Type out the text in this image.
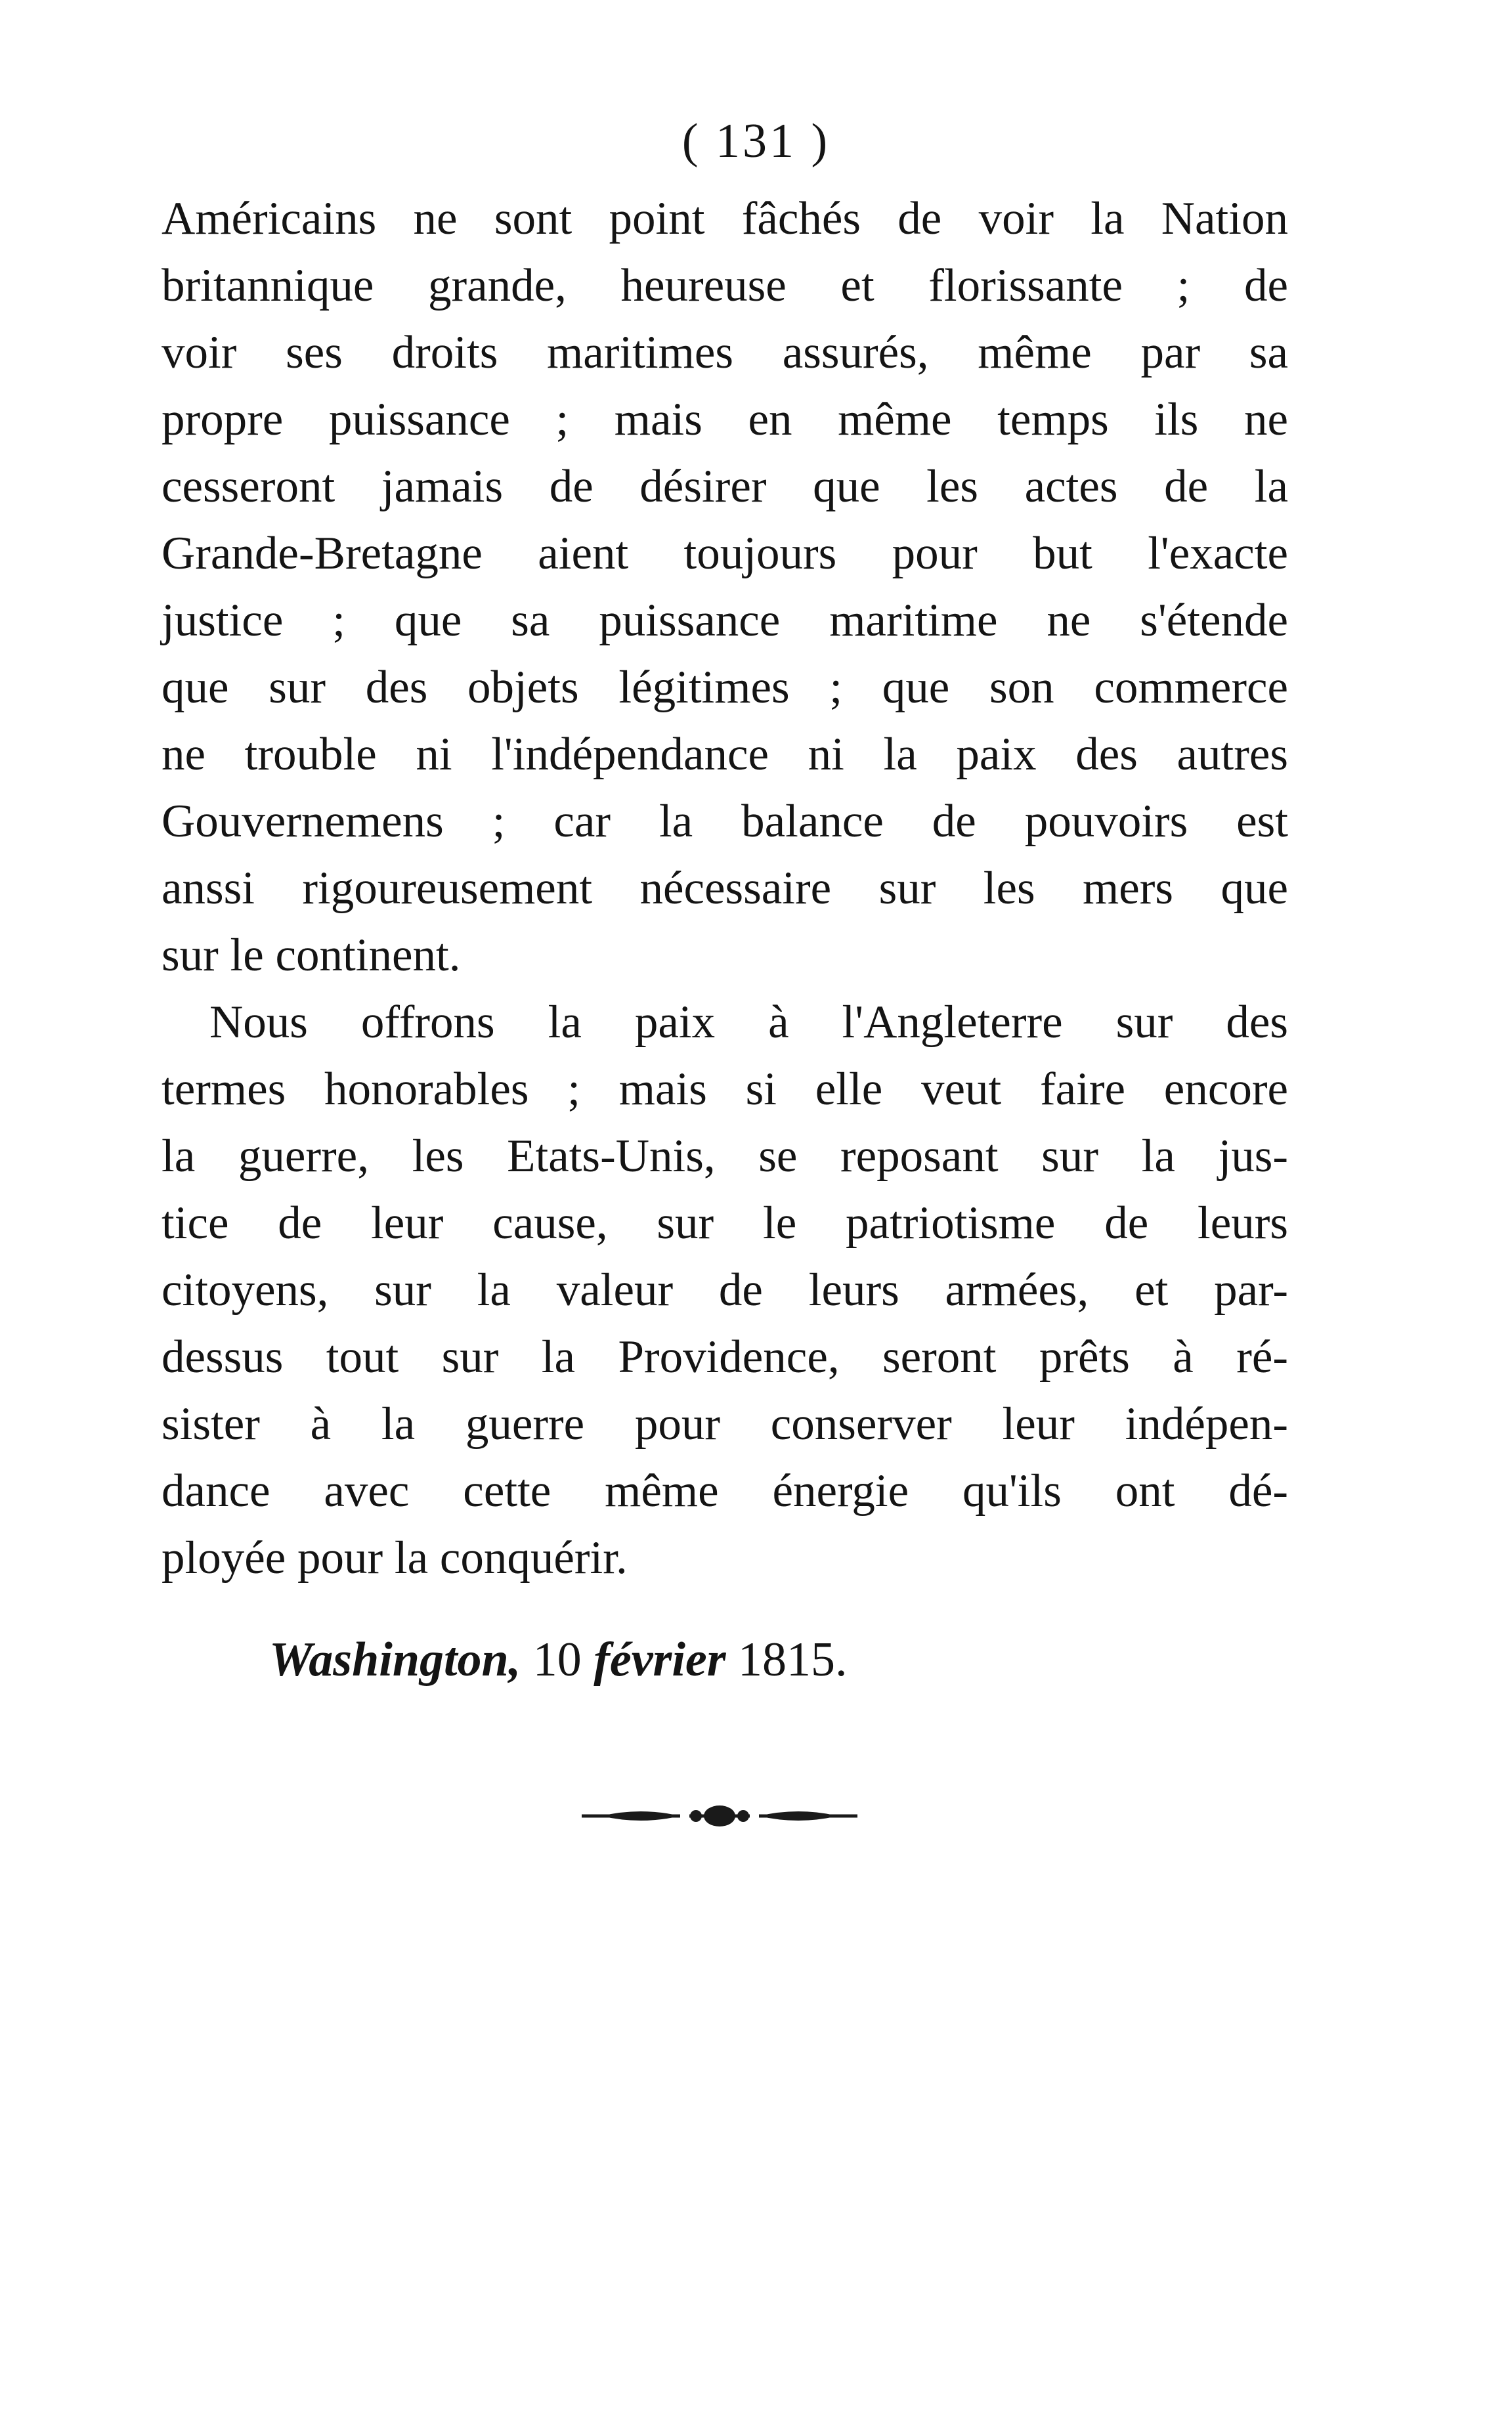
( 131 )
Américains ne sont point fâchés de voir la Nation
britannique grande, heureuse et florissante ; de
voir ses droits maritimes assurés, même par sa
propre puissance ; mais en même temps ils ne
cesseront jamais de désirer que les actes de la
Grande-Bretagne aient toujours pour but l'exacte
justice ; que sa puissance maritime ne s'étende
que sur des objets légitimes ; que son commerce
ne trouble ni l'indépendance ni la paix des autres
Gouvernemens ; car la balance de pouvoirs est
anssi rigoureusement nécessaire sur les mers que
sur le continent.
Nous offrons la paix à l'Angleterre sur des
termes honorables ; mais si elle veut faire encore
la guerre, les Etats-Unis, se reposant sur la jus-
tice de leur cause, sur le patriotisme de leurs
citoyens, sur la valeur de leurs armées, et par-
dessus tout sur la Providence, seront prêts à ré-
sister à la guerre pour conserver leur indépen-
dance avec cette même énergie qu'ils ont dé-
ployée pour la conquérir.
Washington, 10 février 1815.
